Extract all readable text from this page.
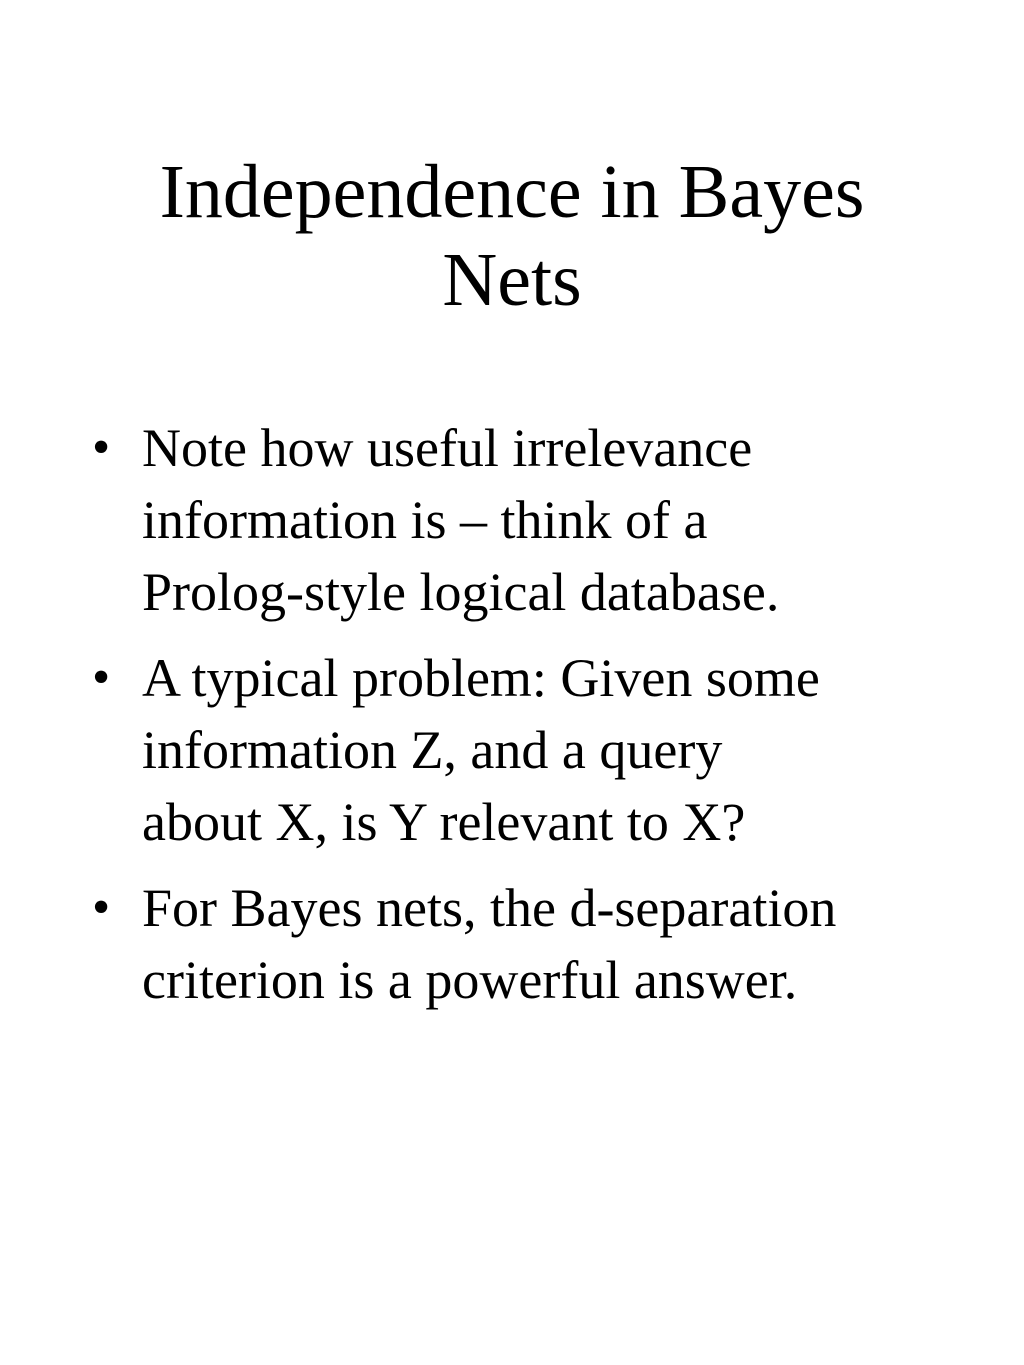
Independence in Bayes
Nets
• Note how useful irrelevance
information is – think of a
Prolog-style logical database.
• A typical problem: Given some
information Z, and a query
about X, is Y relevant to X?
• For Bayes nets, the d-separation
criterion is a powerful answer.
